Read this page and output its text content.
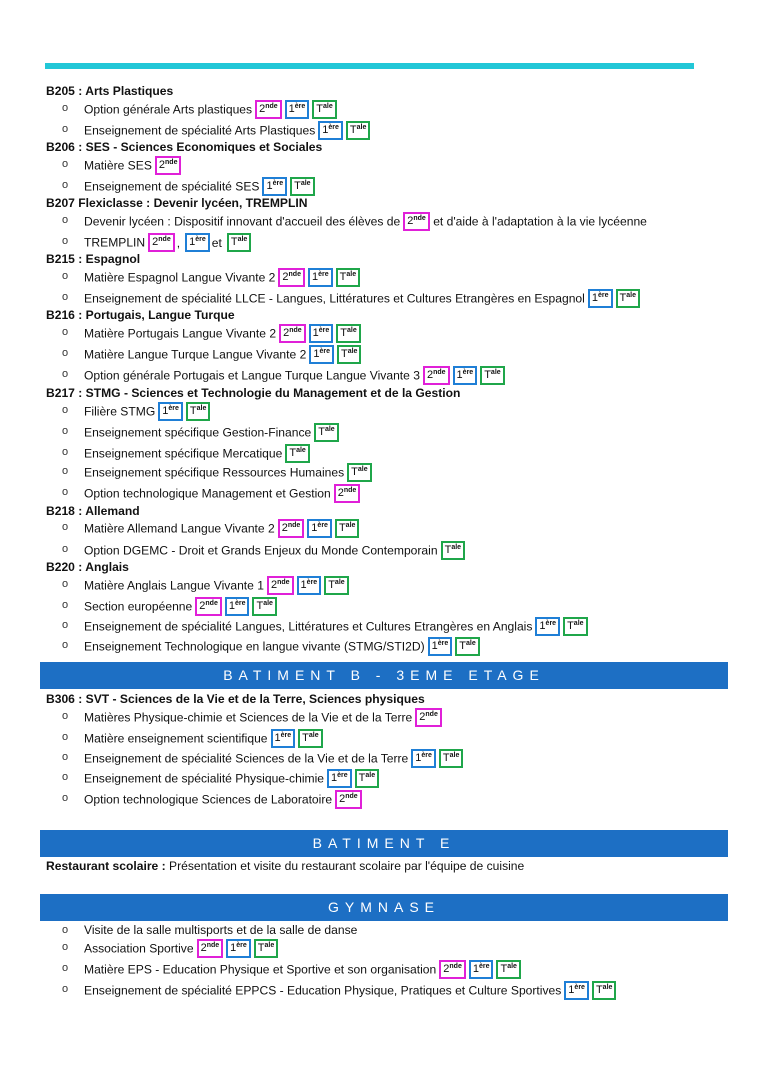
B205 : Arts Plastiques
o Option générale Arts plastiques 2nde 1ère $T^{ale}$
o Enseignement de spécialité Arts Plastiques 1ère $T^{ale}$
B206 : SES - Sciences Economiques et Sociales
o Matière SES 2nde
o Enseignement de spécialité SES 1ère $T^{ale}$
B207 Flexiclasse : Devenir lycéen, TREMPLIN
o Devenir lycéen : Dispositif innovant d'accueil des élèves de 2nde et d'aide à l'adaptation à la vie lycéenne
o TREMPLIN 2nde , 1ère et $T^{ale}$
B215 : Espagnol
o Matière Espagnol Langue Vivante 2 2nde 1ère $T^{ale}$
o Enseignement de spécialité LLCE - Langues, Littératures et Cultures Etrangères en Espagnol 1ère $T^{ale}$
B216 : Portugais, Langue Turque
o Matière Portugais Langue Vivante 2 2nde 1ère $T^{ale}$
o Matière Langue Turque Langue Vivante 2 1ère $T^{ale}$
o Option générale Portugais et Langue Turque Langue Vivante 3 2nde 1ère $T^{ale}$
B217 : STMG - Sciences et Technologie du Management et de la Gestion
o Filière STMG 1ère $T^{ale}$
o Enseignement spécifique Gestion-Finance $T^{ale}$
o Enseignement spécifique Mercatique $T^{ale}$
o Enseignement spécifique Ressources Humaines $T^{ale}$
o Option technologique Management et Gestion 2nde
B218 : Allemand
o Matière Allemand Langue Vivante 2 2nde 1ère $T^{ale}$
o Option DGEMC - Droit et Grands Enjeux du Monde Contemporain $T^{ale}$
B220 : Anglais
o Matière Anglais Langue Vivante 1 2nde 1ère $T^{ale}$
o Section européenne 2nde 1ère $T^{ale}$
o Enseignement de spécialité Langues, Littératures et Cultures Etrangères en Anglais 1ère $T^{ale}$
o Enseignement Technologique en langue vivante (STMG/STI2D) 1ère $T^{ale}$
BATIMENT B - 3EME ETAGE
B306 : SVT - Sciences de la Vie et de la Terre, Sciences physiques
o Matières Physique-chimie et Sciences de la Vie et de la Terre 2nde
o Matière enseignement scientifique 1ère $T^{ale}$
o Enseignement de spécialité Sciences de la Vie et de la Terre 1ère $T^{ale}$
o Enseignement de spécialité Physique-chimie 1ère $T^{ale}$
o Option technologique Sciences de Laboratoire 2nde
BATIMENT E
Restaurant scolaire : Présentation et visite du restaurant scolaire par l'équipe de cuisine
GYMNASE
o Visite de la salle multisports et de la salle de danse
o Association Sportive 2nde 1ère $T^{ale}$
o Matière EPS - Education Physique et Sportive et son organisation 2nde 1ère $T^{ale}$
o Enseignement de spécialité EPPCS - Education Physique, Pratiques et Culture Sportives 1ère $T^{ale}$
